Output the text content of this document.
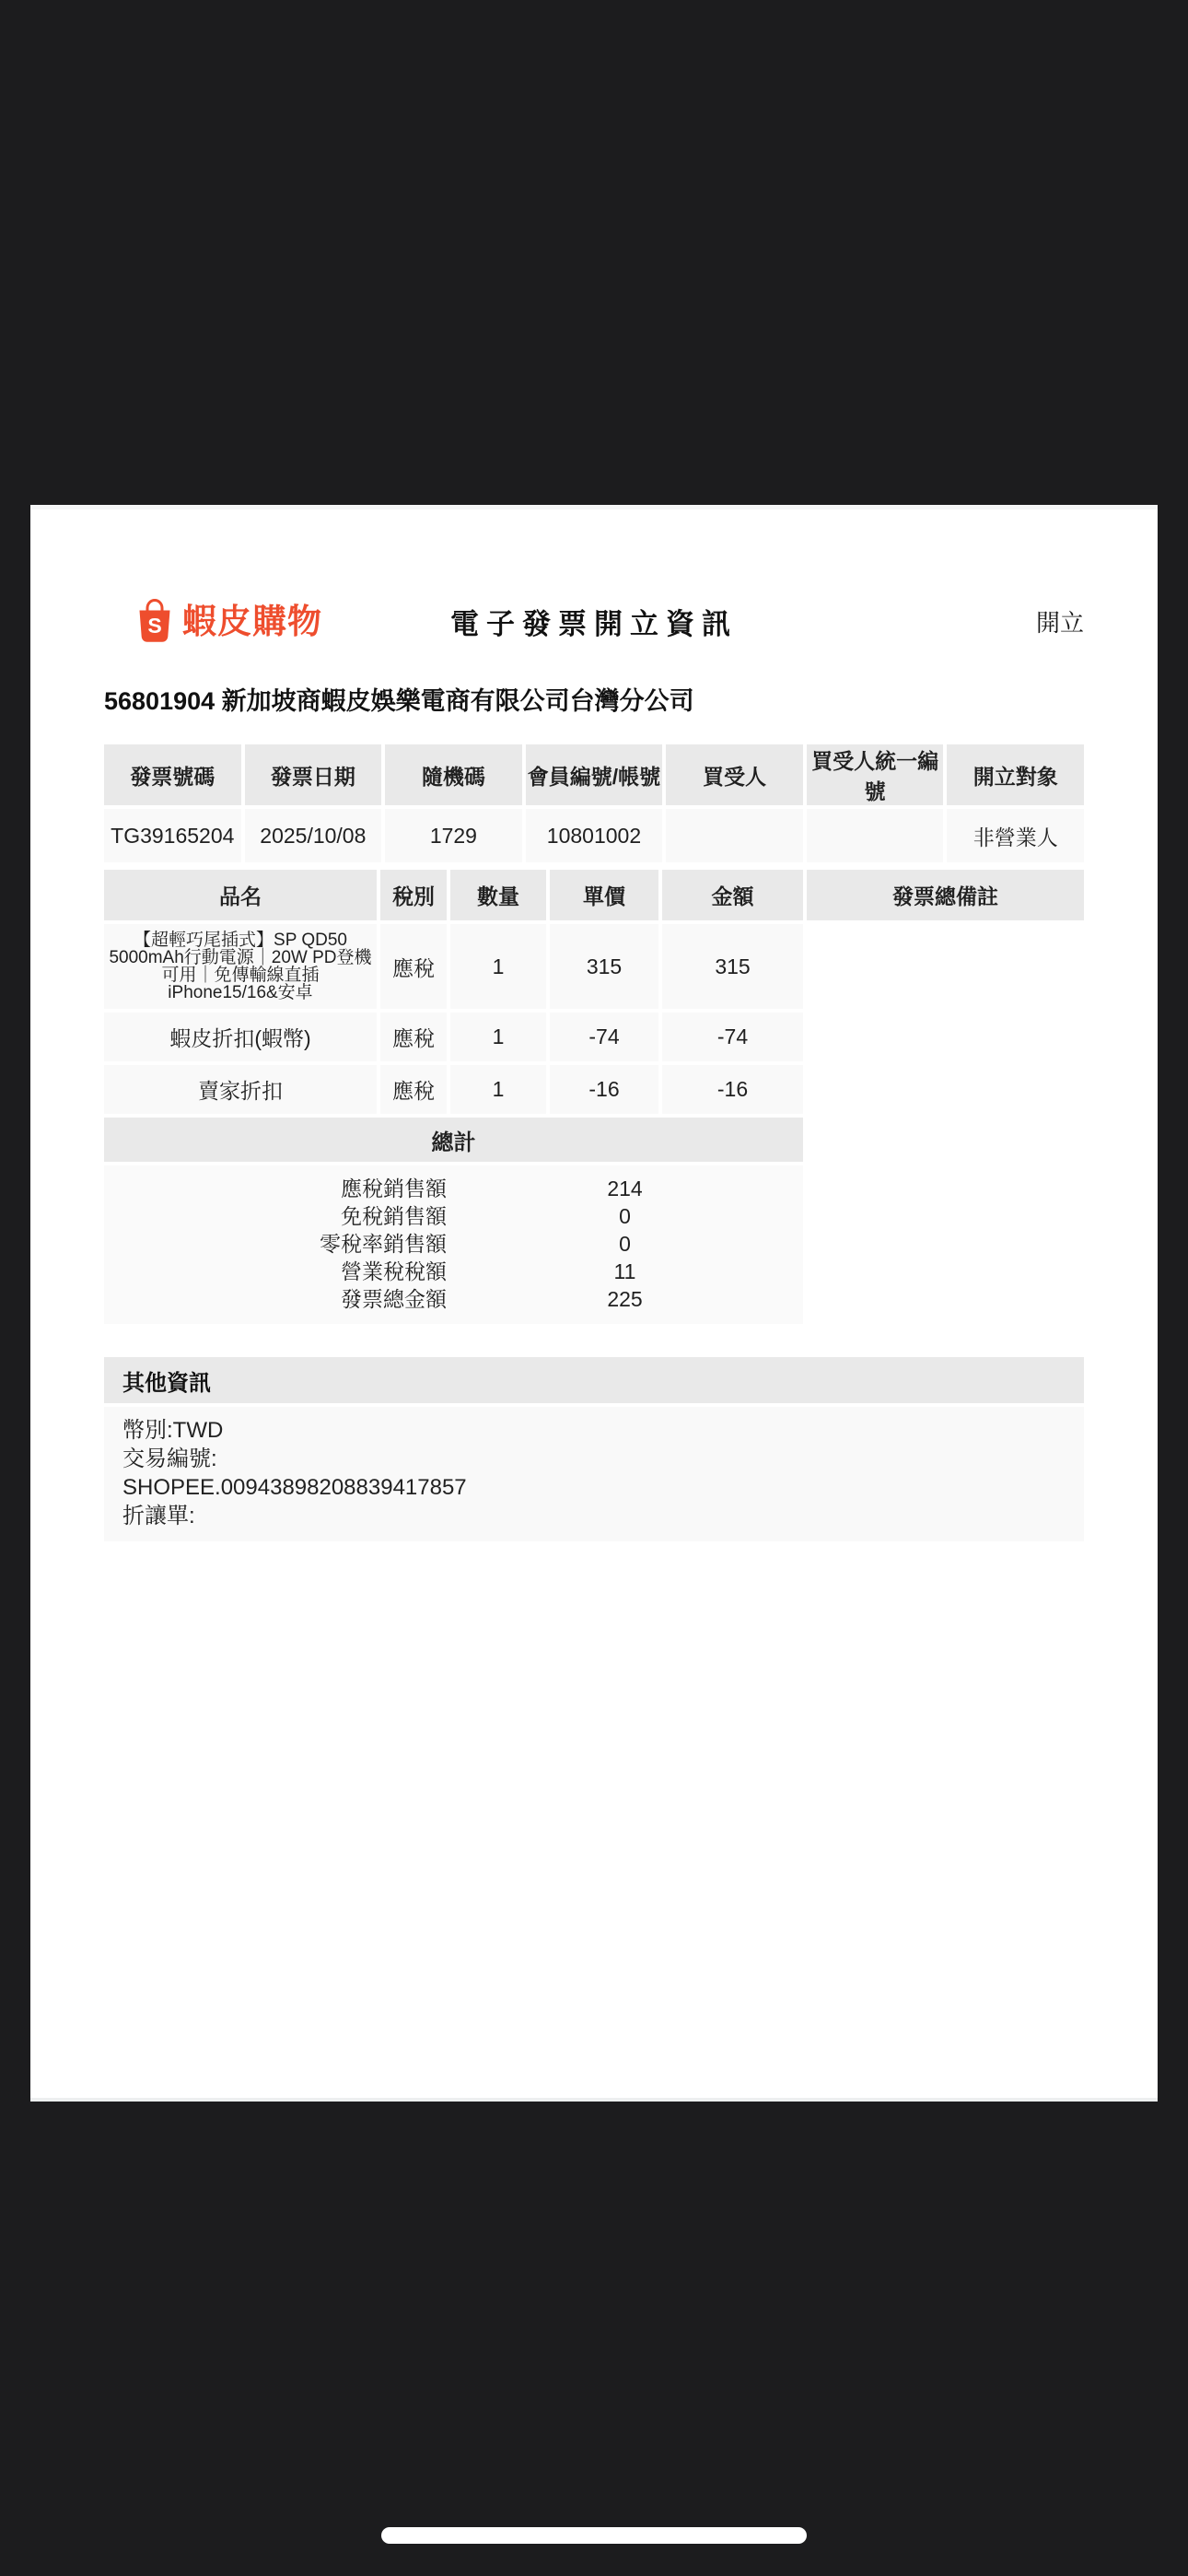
S 蝦皮購物	電子發票開立資訊	開立
56801904 新加坡商蝦皮娛樂電商有限公司台灣分公司
發票號碼	發票日期	隨機碼	會員編號/帳號	買受人	買受人統一編號	開立對象
TG39165204	2025/10/08	1729	10801002			非營業人
品名	稅別	數量	單價	金額	發票總備註
【超輕巧尾插式】SP QD50 5000mAh行動電源｜20W PD登機可用｜免傳輸線直插 iPhone15/16&安卓	應稅	1	315	315	
蝦皮折扣(蝦幣)	應稅	1	-74	-74	
賣家折扣	應稅	1	-16	-16	
總計					

應稅銷售額	214
免稅銷售額	0
零稅率銷售額	0
營業稅稅額	11
發票總金額	225
其他資訊
幣別:TWD
交易編號:
SHOPEE.00943898208839417857
折讓單:
